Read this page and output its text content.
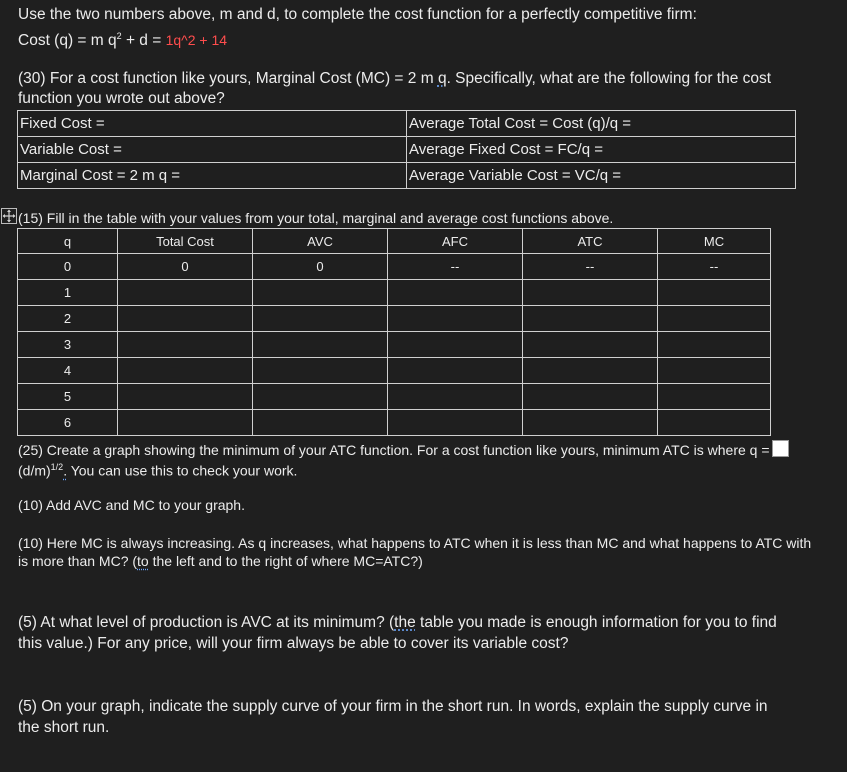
Use the two numbers above, m and d, to complete the cost function for a perfectly competitive firm:
Cost (q) = m $q^2 + d$ = 1q^2 + 14
(30) For a cost function like yours, Marginal Cost (MC) = 2 m q. Specifically, what are the following for the cost
function you wrote out above?
Fixed Cost =	Average Total Cost = Cost (q)/q =
Variable Cost =	Average Fixed Cost = FC/q =
Marginal Cost = 2 m q =	Average Variable Cost = VC/q =
(15) Fill in the table with your values from your total, marginal and average cost functions above.
q	Total Cost	AVC	AFC	ATC	MC
0	0	0	--	--	--
1					
2					
3					
4					
5					
6					
(25) Create a graph showing the minimum of your ATC function. For a cost function like yours, minimum ATC is where q =
$(d/m)^{1/2}$. You can use this to check your work.
(10) Add AVC and MC to your graph.
(10) Here MC is always increasing. As q increases, what happens to ATC when it is less than MC and what happens to ATC with
is more than MC? (to the left and to the right of where MC=ATC?)
(5) At what level of production is AVC at its minimum? (the table you made is enough information for you to find
this value.) For any price, will your firm always be able to cover its variable cost?
(5) On your graph, indicate the supply curve of your firm in the short run. In words, explain the supply curve in
the short run.
